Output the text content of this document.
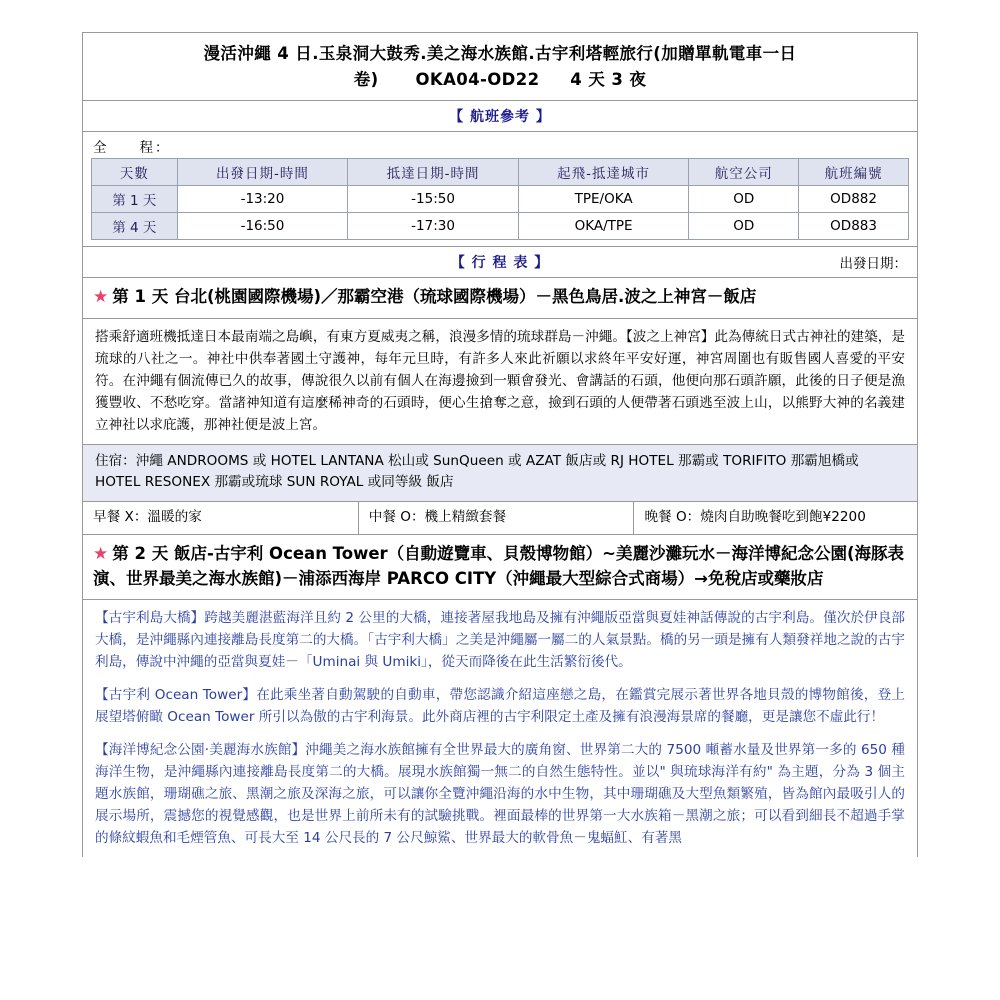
漫活沖繩 4 日.玉泉洞大鼓秀.美之海水族館.古宇利塔輕旅行(加贈單軌電車一日
卷) OKA04-OD22 4 天 3 夜
【 航班參考 】
全　　程：
天數	出發日期-時間	抵達日期-時間	起飛-抵達城市	航空公司	航班編號
第 1 天	-13:20	-15:50	TPE/OKA	OD	OD882
第 4 天	-16:50	-17:30	OKA/TPE	OD	OD883
【 行 程 表 】	出發日期：
★ 第 1 天 台北(桃園國際機場)／那霸空港（琉球國際機場）－黑色鳥居.波之上神宮－飯店

搭乘舒適班機抵達日本最南端之島嶼，有東方夏威夷之稱，浪漫多情的琉球群島－沖繩。【波之上神宮】此為傳統日式古神社的建築，是琉球的八社之一。神社中供奉著國土守護神，每年元旦時，有許多人來此祈願以求終年平安好運，神宮周圍也有販售國人喜愛的平安符。在沖繩有個流傳已久的故事，傳說很久以前有個人在海邊撿到一顆會發光、會講話的石頭，他便向那石頭許願，此後的日子便是漁獲豐收、不愁吃穿。當諸神知道有這麼稀神奇的石頭時，便心生搶奪之意，撿到石頭的人便帶著石頭逃至波上山，以熊野大神的名義建立神社以求庇護，那神社便是波上宮。

住宿：沖繩 ANDROOMS 或 HOTEL LANTANA 松山或 SunQueen 或 AZAT 飯店或 RJ HOTEL 那霸或 TORIFITO 那霸旭橋或 HOTEL RESONEX 那霸或琉球 SUN ROYAL 或同等級 飯店
早餐 X：溫暖的家	中餐 O：機上精緻套餐	晚餐 O：燒肉自助晚餐吃到飽¥2200
★ 第 2 天 飯店-古宇利 Ocean Tower（自動遊覽車、貝殼博物館）~美麗沙灘玩水－海洋博紀念公園(海豚表演、世界最美之海水族館)－浦添西海岸 PARCO CITY（沖繩最大型綜合式商場）→免稅店或藥妝店

【古宇利島大橋】跨越美麗湛藍海洋且約 2 公里的大橋，連接著屋我地島及擁有沖繩版亞當與夏娃神話傳說的古宇利島。僅次於伊良部大橋，是沖繩縣內連接離島長度第二的大橋。「古宇利大橋」之美是沖繩屬一屬二的人氣景點。橋的另一頭是擁有人類發祥地之說的古宇利島，傳說中沖繩的亞當與夏娃－「Uminai 與 Umiki」，從天而降後在此生活繁衍後代。

【古宇利 Ocean Tower】在此乘坐著自動駕駛的自動車，帶您認識介紹這座戀之島，在鑑賞完展示著世界各地貝殼的博物館後，登上展望塔俯瞰 Ocean Tower 所引以為傲的古宇利海景。此外商店裡的古宇利限定土產及擁有浪漫海景席的餐廳，更是讓您不虛此行！

【海洋博紀念公園‧美麗海水族館】沖繩美之海水族館擁有全世界最大的廣角窗、世界第二大的 7500 噸蓄水量及世界第一多的 650 種海洋生物，是沖繩縣內連接離島長度第二的大橋。展現水族館獨一無二的自然生態特性。並以" 與琉球海洋有約" 為主題，分為 3 個主題水族館，珊瑚礁之旅、黑潮之旅及深海之旅，可以讓你全覽沖繩沿海的水中生物，其中珊瑚礁及大型魚類繁殖，皆為館內最吸引人的展示場所，震撼您的視覺感觀，也是世界上前所未有的試驗挑戰。裡面最棒的世界第一大水族箱－黑潮之旅；可以看到細長不超過手掌的條紋蝦魚和毛煙管魚、可長大至 14 公尺長的 7 公尺鯨鯊、世界最大的軟骨魚－鬼蝠魟、有著黑
